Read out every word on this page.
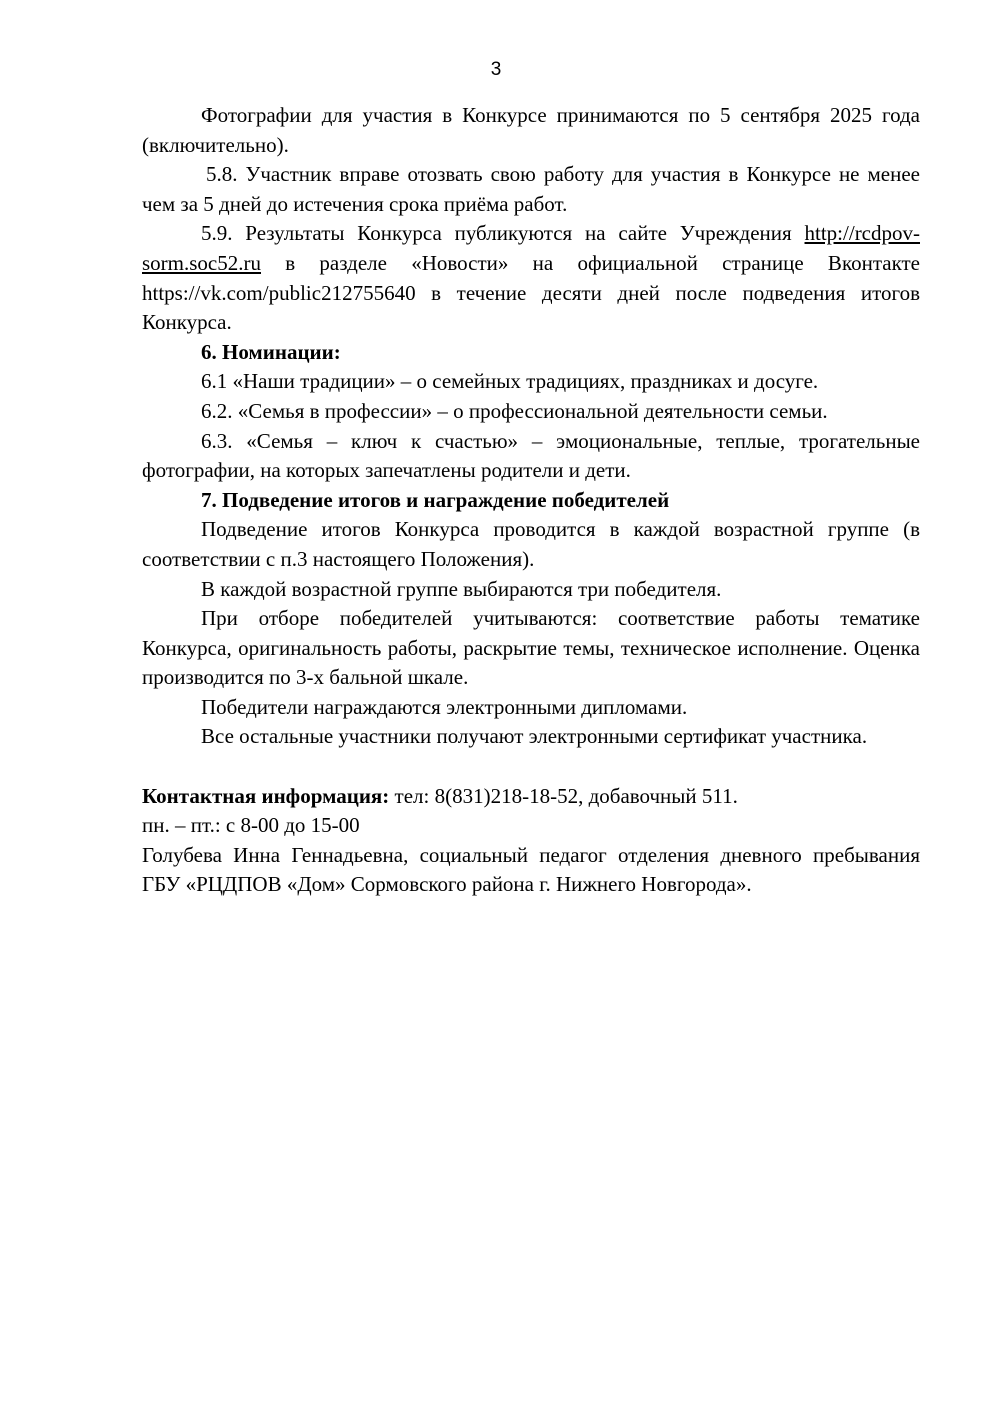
3

Фотографии для участия в Конкурсе принимаются по 5 сентября 2025 года (включительно).

5.8. Участник вправе отозвать свою работу для участия в Конкурсе не менее чем за 5 дней до истечения срока приёма работ.

5.9. Результаты Конкурса публикуются на сайте Учреждения http://rcdpov-sorm.soc52.ru в разделе «Новости» на официальной странице Вконтакте https://vk.com/public212755640 в течение десяти дней после подведения итогов Конкурса.

6. Номинации:

6.1 «Наши традиции» – о семейных традициях, праздниках и досуге.

6.2. «Семья в профессии» – о профессиональной деятельности семьи.

6.3. «Семья – ключ к счастью» – эмоциональные, теплые, трогательные фотографии, на которых запечатлены родители и дети.

7. Подведение итогов и награждение победителей

Подведение итогов Конкурса проводится в каждой возрастной группе (в соответствии с п.3 настоящего Положения).

В каждой возрастной группе выбираются три победителя.

При отборе победителей учитываются: соответствие работы тематике Конкурса, оригинальность работы, раскрытие темы, техническое исполнение. Оценка производится по 3-х бальной шкале.

Победители награждаются электронными дипломами.

Все остальные участники получают электронными сертификат участника.

Контактная информация: тел: 8(831)218-18-52, добавочный 511.

пн. – пт.: с 8-00 до 15-00

Голубева Инна Геннадьевна, социальный педагог отделения дневного пребывания ГБУ «РЦДПОВ «Дом» Сормовского района г. Нижнего Новгорода».
